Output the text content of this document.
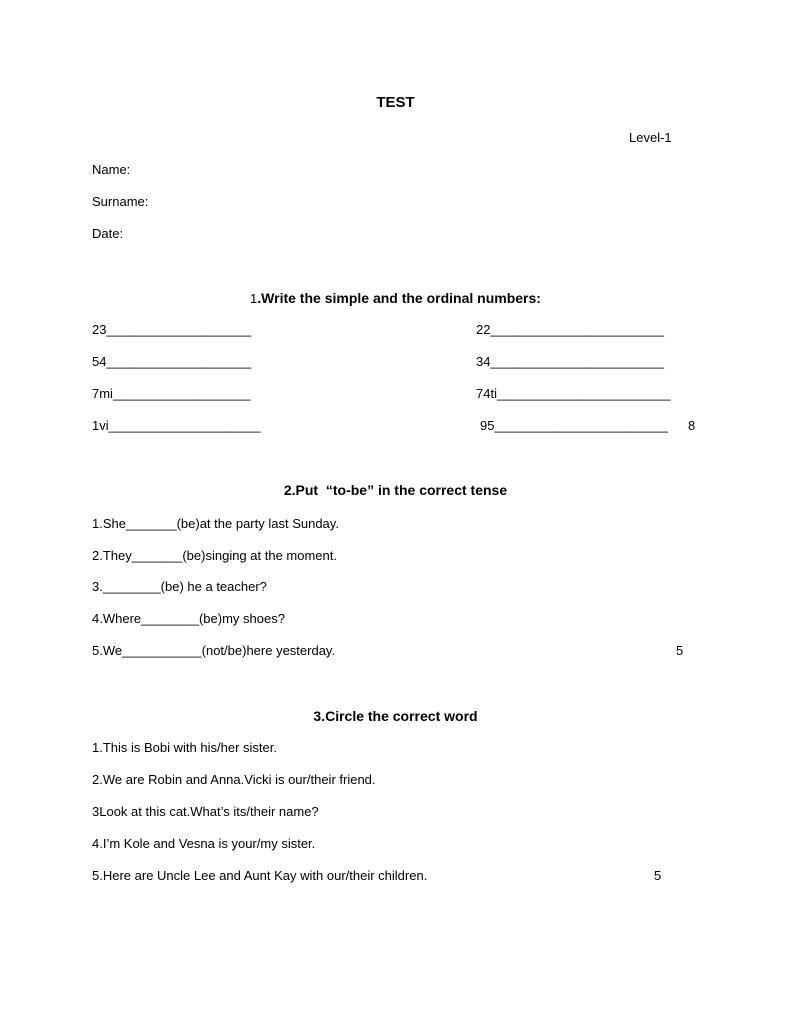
TEST
Level-1
Name:
Surname:
Date:
1.Write the simple and the ordinal numbers:
23____________________	22________________________
54____________________	34________________________
7mi___________________	74ti________________________
1vi_____________________	95________________________ 8
2.Put  “to-be” in the correct tense
1.She_______(be)at the party last Sunday.
2.They_______(be)singing at the moment.
3.________(be) he a teacher?
4.Where________(be)my shoes?
5.We___________(not/be)here yesterday.	5
3.Circle the correct word
1.This is Bobi with his/her sister.
2.We are Robin and Anna.Vicki is our/their friend.
3Look at this cat.What’s its/their name?
4.I’m Kole and Vesna is your/my sister.
5.Here are Uncle Lee and Aunt Kay with our/their children.	5
